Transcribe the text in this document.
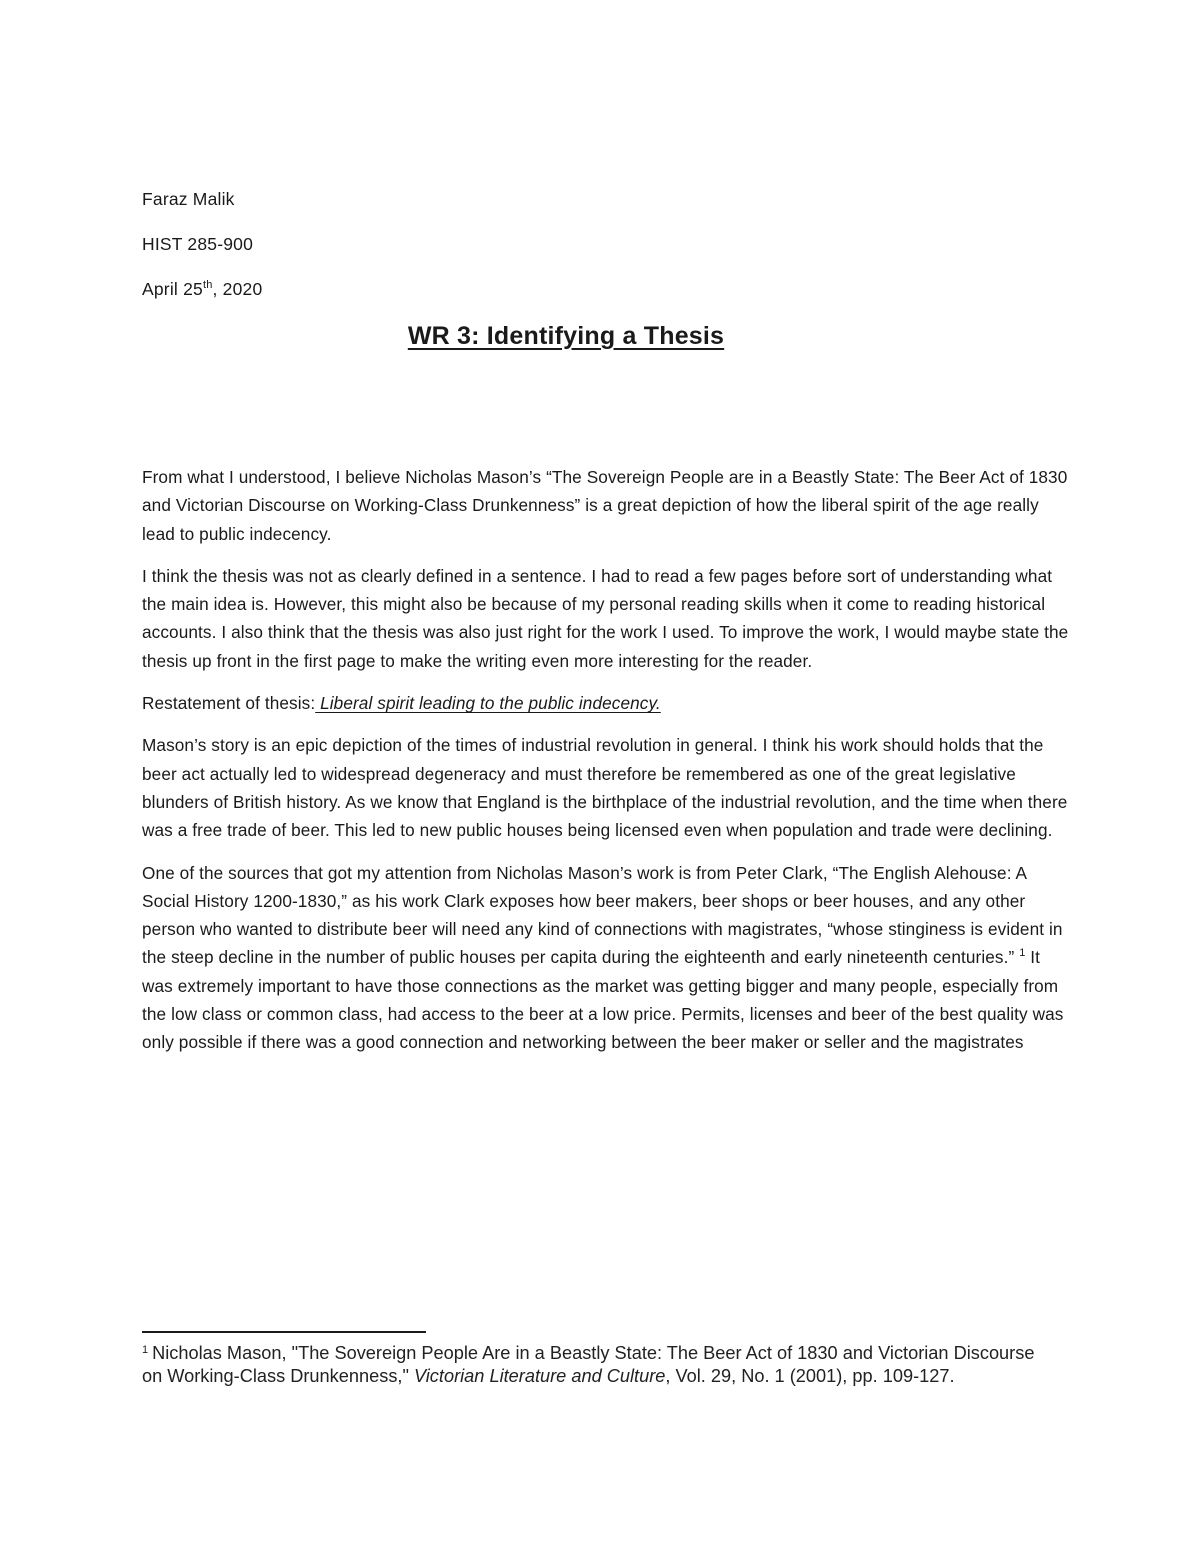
Faraz Malik
HIST 285-900
April 25th, 2020
WR 3: Identifying a Thesis

From what I understood, I believe Nicholas Mason’s “The Sovereign People are in a Beastly State: The Beer Act of 1830 and Victorian Discourse on Working-Class Drunkenness” is a great depiction of how the liberal spirit of the age really lead to public indecency.

I think the thesis was not as clearly defined in a sentence. I had to read a few pages before sort of understanding what the main idea is. However, this might also be because of my personal reading skills when it come to reading historical accounts. I also think that the thesis was also just right for the work I used. To improve the work, I would maybe state the thesis up front in the first page to make the writing even more interesting for the reader.

Restatement of thesis: Liberal spirit leading to the public indecency.

Mason’s story is an epic depiction of the times of industrial revolution in general. I think his work should holds that the beer act actually led to widespread degeneracy and must therefore be remembered as one of the great legislative blunders of British history. As we know that England is the birthplace of the industrial revolution, and the time when there was a free trade of beer. This led to new public houses being licensed even when population and trade were declining.

One of the sources that got my attention from Nicholas Mason’s work is from Peter Clark, “The English Alehouse: A Social History 1200-1830,” as his work Clark exposes how beer makers, beer shops or beer houses, and any other person who wanted to distribute beer will need any kind of connections with magistrates, “whose stinginess is evident in the steep decline in the number of public houses per capita during the eighteenth and early nineteenth centuries.” $^1$ It was extremely important to have those connections as the market was getting bigger and many people, especially from the low class or common class, had access to the beer at a low price. Permits, licenses and beer of the best quality was only possible if there was a good connection and networking between the beer maker or seller and the magistrates

$^1$ Nicholas Mason, "The Sovereign People Are in a Beastly State: The Beer Act of 1830 and Victorian Discourse on Working-Class Drunkenness," Victorian Literature and Culture, Vol. 29, No. 1 (2001), pp. 109-127.
